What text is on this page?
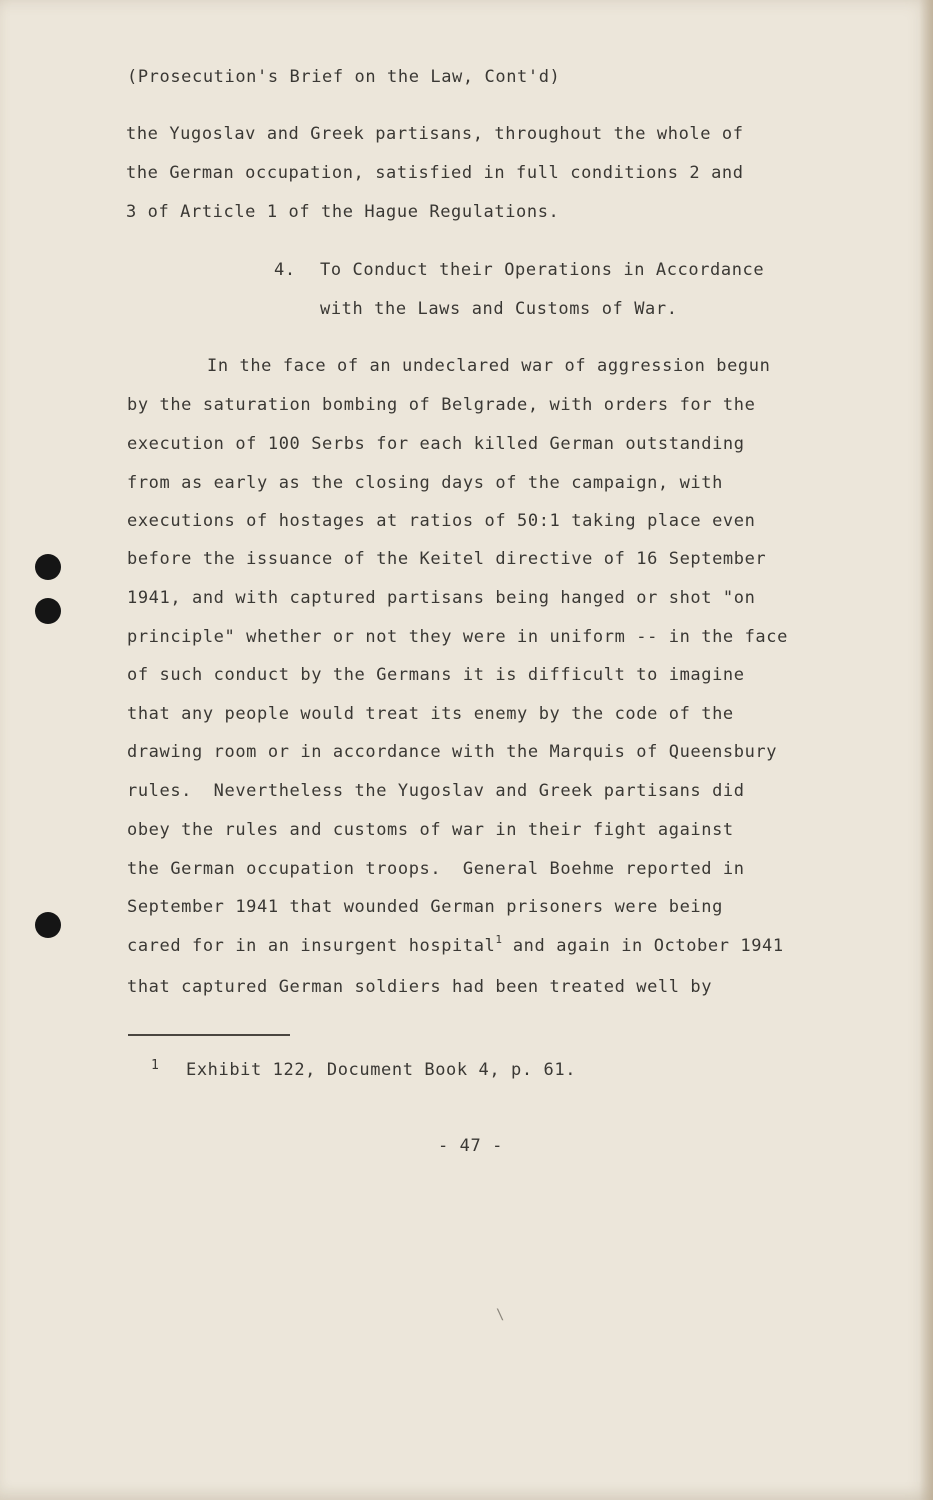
(Prosecution's Brief on the Law, Cont'd)
the Yugoslav and Greek partisans, throughout the whole of
the German occupation, satisfied in full conditions 2 and
3 of Article 1 of the Hague Regulations.
4. To Conduct their Operations in Accordance
with the Laws and Customs of War.
In the face of an undeclared war of aggression begun
by the saturation bombing of Belgrade, with orders for the
execution of 100 Serbs for each killed German outstanding
from as early as the closing days of the campaign, with
executions of hostages at ratios of 50:1 taking place even
before the issuance of the Keitel directive of 16 September
1941, and with captured partisans being hanged or shot "on
principle" whether or not they were in uniform -- in the face
of such conduct by the Germans it is difficult to imagine
that any people would treat its enemy by the code of the
drawing room or in accordance with the Marquis of Queensbury
rules.  Nevertheless the Yugoslav and Greek partisans did
obey the rules and customs of war in their fight against
the German occupation troops.  General Boehme reported in
September 1941 that wounded German prisoners were being
cared for in an insurgent hospital$^1$ and again in October 1941
that captured German soldiers had been treated well by
1 Exhibit 122, Document Book 4, p. 61.
- 47 -
\
